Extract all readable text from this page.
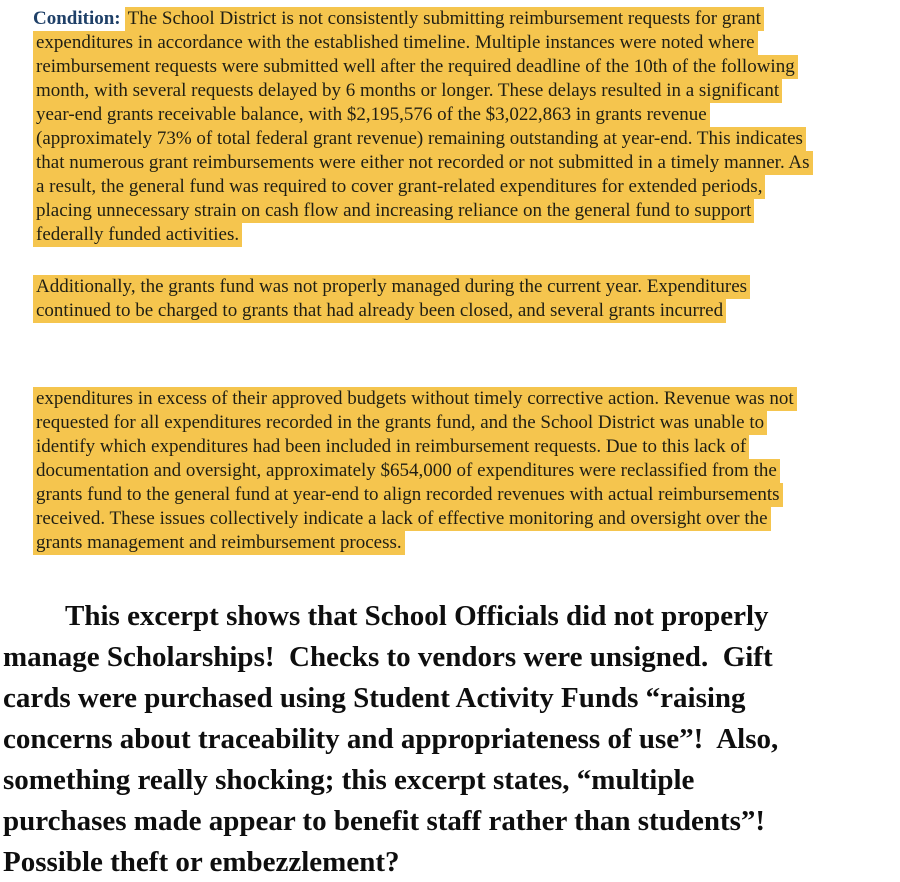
Condition: The School District is not consistently submitting reimbursement requests for grant
expenditures in accordance with the established timeline. Multiple instances were noted where
reimbursement requests were submitted well after the required deadline of the 10th of the following
month, with several requests delayed by 6 months or longer. These delays resulted in a significant
year-end grants receivable balance, with $2,195,576 of the $3,022,863 in grants revenue
(approximately 73% of total federal grant revenue) remaining outstanding at year-end. This indicates
that numerous grant reimbursements were either not recorded or not submitted in a timely manner. As
a result, the general fund was required to cover grant-related expenditures for extended periods,
placing unnecessary strain on cash flow and increasing reliance on the general fund to support
federally funded activities.
Additionally, the grants fund was not properly managed during the current year. Expenditures
continued to be charged to grants that had already been closed, and several grants incurred
expenditures in excess of their approved budgets without timely corrective action. Revenue was not
requested for all expenditures recorded in the grants fund, and the School District was unable to
identify which expenditures had been included in reimbursement requests. Due to this lack of
documentation and oversight, approximately $654,000 of expenditures were reclassified from the
grants fund to the general fund at year-end to align recorded revenues with actual reimbursements
received. These issues collectively indicate a lack of effective monitoring and oversight over the
grants management and reimbursement process.
This excerpt shows that School Officials did not properly
manage Scholarships!  Checks to vendors were unsigned.  Gift
cards were purchased using Student Activity Funds “raising
concerns about traceability and appropriateness of use”!  Also,
something really shocking; this excerpt states, “multiple
purchases made appear to benefit staff rather than students”!
Possible theft or embezzlement?
